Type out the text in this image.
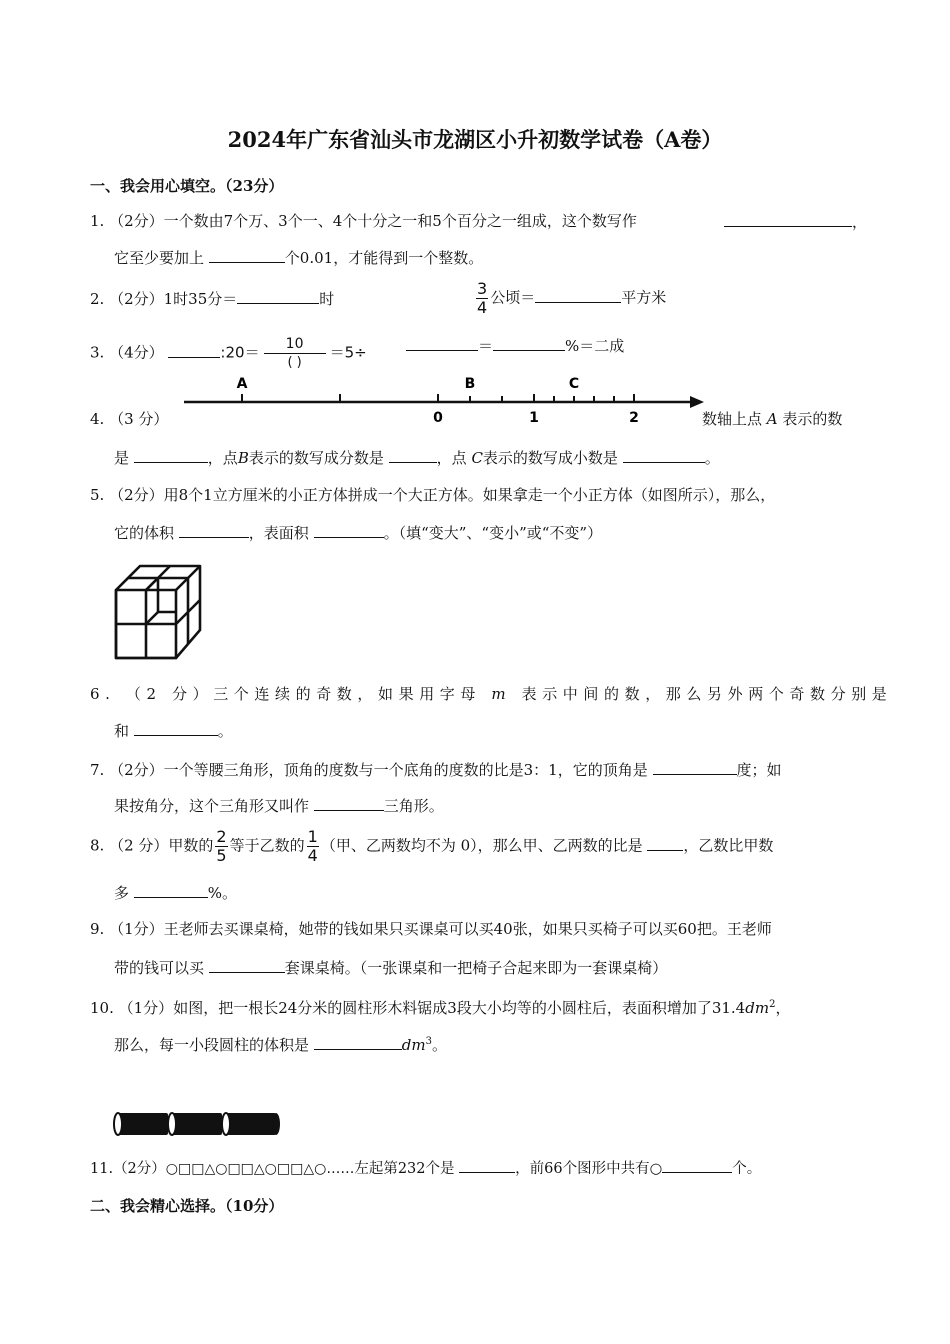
2024年广东省汕头市龙湖区小升初数学试卷（A卷）
一、我会用心填空。（23分）
1. （2分）一个数由7个万、3个一、4个十分之一和5个百分之一组成，这个数写作	，
它至少要加上	个0.01，才能得到一个整数。
2. （2分）1时35分＝	时	$\frac{3}{4}$ 公顷＝	平方米
3. （4分）	:20＝ $\frac{10}{( )} =5\div$	＝	%＝二成
A	B	C
0	1	2
4. （3 分）	数轴上点 A 表示的数
是	，点B表示的数写成分数是	，点 C表示的数写成小数是	。
5. （2分）用8个1立方厘米的小正方体拼成一个大正方体。如果拿走一个小正方体（如图所示），那么，
它的体积	，表面积	。（填“变大”、“变小”或“不变”）
6. （2 分）三个连续的奇数，如果用字母 m 表示中间的数，那么另外两个奇数分别是
和	。
7. （2分）一个等腰三角形，顶角的度数与一个底角的度数的比是3：1，它的顶角是	度；如
果按角分，这个三角形又叫作	三角形。
8. （2 分）甲数的 $\frac{2}{5}$ 等于乙数的 $\frac{1}{4}$ （甲、乙两数均不为 0），那么甲、乙两数的比是	，乙数比甲数
多	%。
9. （1分）王老师去买课桌椅，她带的钱如果只买课桌可以买40张，如果只买椅子可以买60把。王老师
带的钱可以买	套课桌椅。（一张课桌和一把椅子合起来即为一套课桌椅）
10. （1分）如图，把一根长24分米的圆柱形木料锯成3段大小均等的小圆柱后，表面积增加了$31.4dm^2$，
那么，每一小段圆柱的体积是	$dm^3$。
11.（2分）○□□△○□□△○□□△○……左起第232个是	，前66个图形中共有○	个。
二、我会精心选择。（10分）
